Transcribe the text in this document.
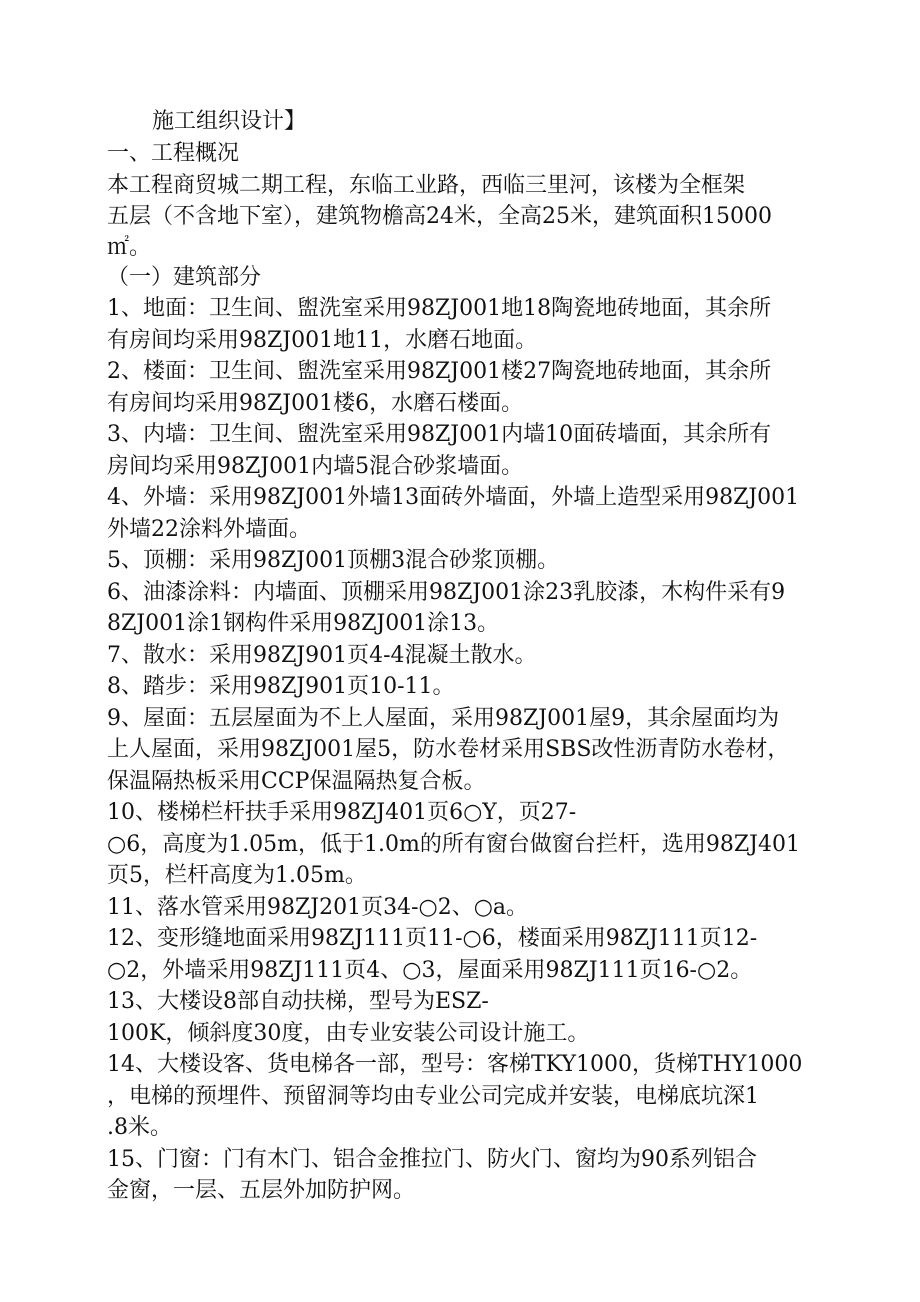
施工组织设计】

一、工程概况

本工程商贸城二期工程，东临工业路，西临三里河，该楼为全框架

五层（不含地下室），建筑物檐高24米，全高25米，建筑面积15000

㎡。

（一）建筑部分

1、地面：卫生间、盥洗室采用98ZJ001地18陶瓷地砖地面，其余所

有房间均采用98ZJ001地11，水磨石地面。

2、楼面：卫生间、盥洗室采用98ZJ001楼27陶瓷地砖地面，其余所

有房间均采用98ZJ001楼6，水磨石楼面。

3、内墙：卫生间、盥洗室采用98ZJ001内墙10面砖墙面，其余所有

房间均采用98ZJ001内墙5混合砂浆墙面。

4、外墙：采用98ZJ001外墙13面砖外墙面，外墙上造型采用98ZJ001

外墙22涂料外墙面。

5、顶棚：采用98ZJ001顶棚3混合砂浆顶棚。

6、油漆涂料：内墙面、顶棚采用98ZJ001涂23乳胶漆，木构件采有9

8ZJ001涂1钢构件采用98ZJ001涂13。

7、散水：采用98ZJ901页4-4混凝土散水。

8、踏步：采用98ZJ901页10-11。

9、屋面：五层屋面为不上人屋面，采用98ZJ001屋9，其余屋面均为

上人屋面，采用98ZJ001屋5，防水卷材采用SBS改性沥青防水卷材，

保温隔热板采用CCP保温隔热复合板。

10、楼梯栏杆扶手采用98ZJ401页6○Y，页27-

○6，高度为1.05m，低于1.0m的所有窗台做窗台拦杆，选用98ZJ401

页5，栏杆高度为1.05m。

11、落水管采用98ZJ201页34-○2、○a。

12、变形缝地面采用98ZJ111页11-○6，楼面采用98ZJ111页12-

○2，外墙采用98ZJ111页4、○3，屋面采用98ZJ111页16-○2。

13、大楼设8部自动扶梯，型号为ESZ-

100K，倾斜度30度，由专业安装公司设计施工。

14、大楼设客、货电梯各一部，型号：客梯TKY1000，货梯THY1000

，电梯的预埋件、预留洞等均由专业公司完成并安装，电梯底坑深1

.8米。

15、门窗：门有木门、铝合金推拉门、防火门、窗均为90系列铝合

金窗，一层、五层外加防护网。
